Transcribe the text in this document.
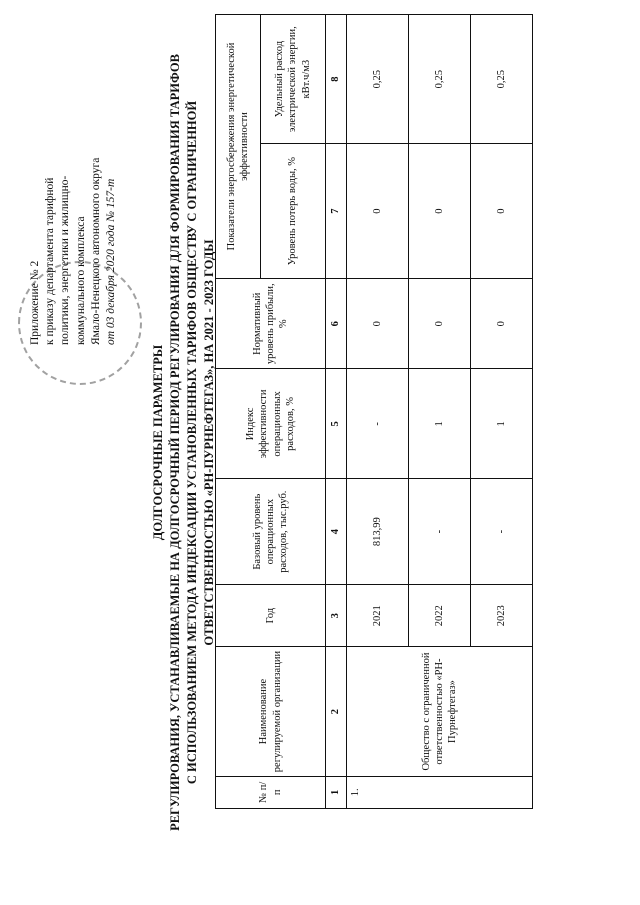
Приложение № 2 к приказу департамента тарифной политики, энергетики и жилищно- коммунального комплекса Ямало-Ненецкого автономного округа от 03 декабря 2020 года № 157-т
ДОЛГОСРОЧНЫЕ ПАРАМЕТРЫ РЕГУЛИРОВАНИЯ, УСТАНАВЛИВАЕМЫЕ НА ДОЛГОСРОЧНЫЙ ПЕРИОД РЕГУЛИРОВАНИЯ ДЛЯ ФОРМИРОВАНИЯ ТАРИФОВ С ИСПОЛЬЗОВАНИЕМ МЕТОДА ИНДЕКСАЦИИ УСТАНОВЛЕННЫХ ТАРИФОВ ОБЩЕСТВУ С ОГРАНИЧЕННОЙ ОТВЕТСТВЕННОСТЬЮ «РН-ПУРНЕФТЕГАЗ», НА 2021 - 2023 ГОДЫ
№ п/п	Наименование регулируемой организации	Год	Базовый уровень операционных расходов, тыс.руб.	Индекс эффективности операционных расходов, %	Нормативный уровень прибыли, %	Показатели энергосбережения энергетической эффективности	
						Уровень потерь воды, %	Удельный расход электрической энергии, кВт.ч/м3
1	2	3	4	5	6	7	8
1.	Общество с ограниченной ответственностью «РН-Пурнефтегаз»	2021	813,99	-	0	0	0,25
		2022	-	1	0	0	0,25
		2023	-	1	0	0	0,25
